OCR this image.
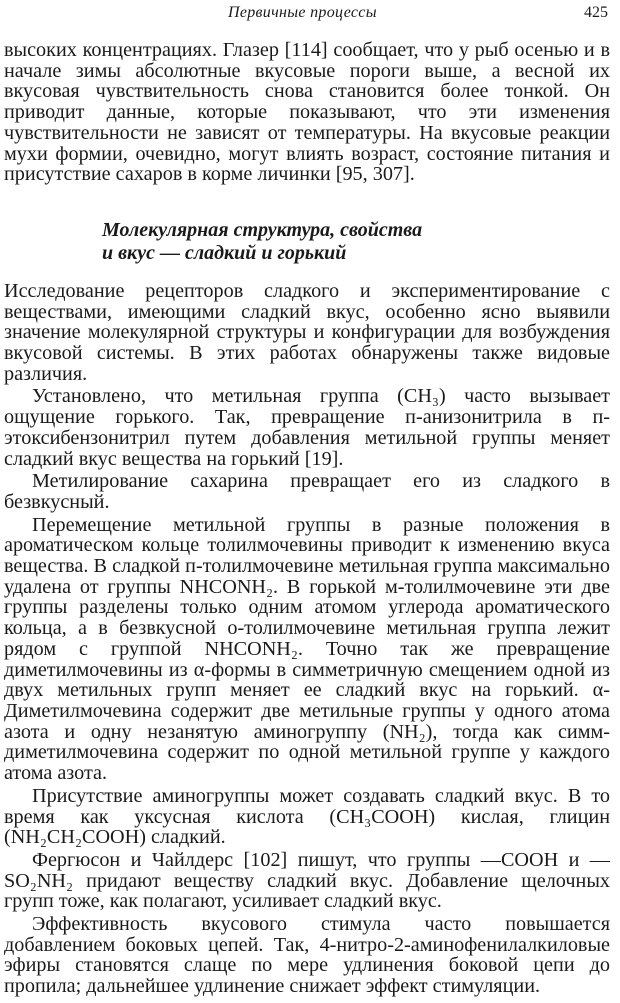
Первичные процессы	425

высоких концентрациях. Глазер [114] сообщает, что у рыб осенью и в начале зимы абсолютные вкусовые пороги выше, а весной их вкусовая чувствительность снова становится более тонкой. Он приводит данные, которые показывают, что эти изменения чувствительности не зависят от температуры. На вкусовые реакции мухи формии, очевидно, могут влиять возраст, состояние питания и присутствие сахаров в корме личинки [95, 307].

Молекулярная структура, свойства
и вкус — сладкий и горький

Исследование рецепторов сладкого и экспериментирование с веществами, имеющими сладкий вкус, особенно ясно выявили значение молекулярной структуры и конфигурации для возбуждения вкусовой системы. В этих работах обнаружены также видовые различия.

Установлено, что метильная группа (CH₃) часто вызывает ощущение горького. Так, превращение п-анизонитрила в п-этоксибензонитрил путем добавления метильной группы меняет сладкий вкус вещества на горький [19].

Метилирование сахарина превращает его из сладкого в безвкусный.

Перемещение метильной группы в разные положения в ароматическом кольце толилмочевины приводит к изменению вкуса вещества. В сладкой п-толилмочевине метильная группа максимально удалена от группы NHCONH₂. В горькой м-толилмочевине эти две группы разделены только одним атомом углерода ароматического кольца, а в безвкусной о-толилмочевине метильная группа лежит рядом с группой NHCONH₂. Точно так же превращение диметилмочевины из α-формы в симметричную смещением одной из двух метильных групп меняет ее сладкий вкус на горький. α-Диметилмочевина содержит две метильные группы у одного атома азота и одну незанятую аминогруппу (NH₂), тогда как симм-диметилмочевина содержит по одной метильной группе у каждого атома азота.

Присутствие аминогруппы может создавать сладкий вкус. В то время как уксусная кислота (CH₃COOH) кислая, глицин (NH₂CH₂COOH) сладкий.

Фергюсон и Чайлдерс [102] пишут, что группы —COOH и —SO₂NH₂ придают веществу сладкий вкус. Добавление щелочных групп тоже, как полагают, усиливает сладкий вкус.

Эффективность вкусового стимула часто повышается добавлением боковых цепей. Так, 4-нитро-2-аминофенилалкиловые эфиры становятся слаще по мере удлинения боковой цепи до пропила; дальнейшее удлинение снижает эффект стимуляции.
